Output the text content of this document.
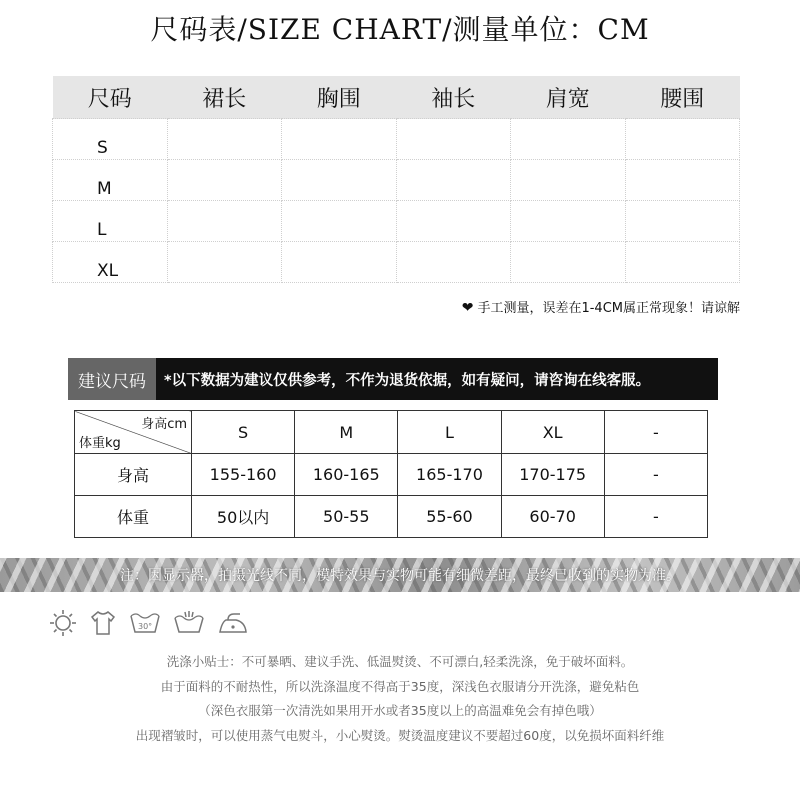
尺码表/SIZE CHART/测量单位：CM
尺码	裙长	胸围	袖长	肩宽	腰围
S					
M					
L					
XL					
❤ 手工测量，误差在1-4CM属正常现象！请谅解
建议尺码	*以下数据为建议仅供参考，不作为退货依据，如有疑问，请咨询在线客服。
身高cm
体重kg	S	M	L	XL	-
身高	155-160	160-165	165-170	170-175	-
体重	50以内	50-55	55-60	60-70	-
注：因显示器，拍摄光线不同，模特效果与实物可能有细微差距，最终已收到的实物为准。
30°
洗涤小贴士：不可暴晒、建议手洗、低温熨烫、不可漂白,轻柔洗涤，免于破坏面料。
由于面料的不耐热性，所以洗涤温度不得高于35度，深浅色衣服请分开洗涤，避免粘色
（深色衣服第一次清洗如果用开水或者35度以上的高温难免会有掉色哦）
出现褶皱时，可以使用蒸气电熨斗，小心熨烫。熨烫温度建议不要超过60度，以免损坏面料纤维
